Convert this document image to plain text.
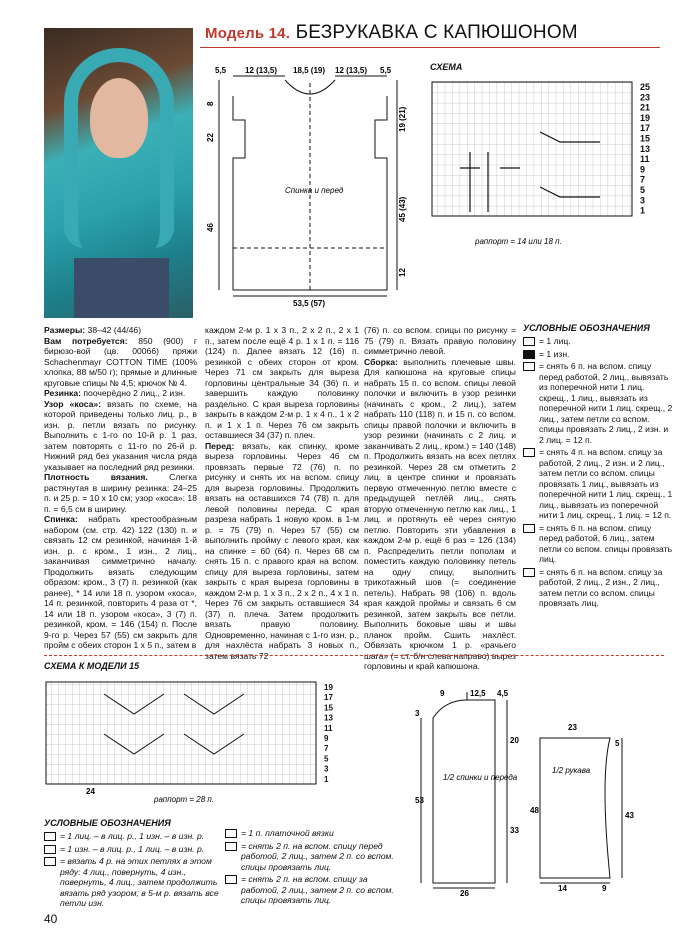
Модель 14. БЕЗРУКАВКА С КАПЮШОНОМ
5,5 12 (13,5) 18,5 (19) 12 (13,5) 5,5
Спинка и перед
8
22
46
19 (21)
45 (43)
12
53,5 (57)
СХЕМА
25
23
21
19
17
15
13
11
9
7
5
3
1
раппорт = 14 или 18 п.

Размеры: 38–42 (44/46)

Вам потребуется: 850 (900) г бирюзо-вой (цв. 00066) пряжи Schachenmayr COTTON TIME (100% хлопка, 88 м/50 г); прямые и длинные круговые спицы № 4,5; крючок № 4.

Резинка: поочерёдно 2 лиц., 2 изн.

Узор «коса»: вязать по схеме, на которой приведены только лиц. р., в изн. р. петли вязать по рисунку. Выполнить с 1-го по 10-й р. 1 раз, затем повторять с 11-го по 26-й р. Нижний ряд без указания числа ряда указывает на последний ряд резинки.

Плотность вязания. Слегка растянутая в ширину резинка: 24–25 п. и 25 р. = 10 х 10 см; узор «коса»: 18 п. = 6,5 см в ширину.

Спинка: набрать крестообразным набором (см. стр. 42) 122 (130) п. и связать 12 см резинкой, начиная 1-й изн. р. с кром., 1 изн., 2 лиц., заканчивая симметрично началу. Продолжить вязать следующим образом: кром., 3 (7) п. резинкой (как ранее), * 14 или 18 п. узором «коса», 14 п. резинкой, повторить 4 раза от *, 14 или 18 п. узором «коса», 3 (7) п. резинкой, кром. = 146 (154) п. После 9-го р. Через 57 (55) см закрыть для пройм с обеих сторон 1 х 5 п., затем в

каждом 2-м р. 1 х 3 п., 2 х 2 п., 2 х 1 п., затем после ещё 4 р. 1 х 1 п. = 116 (124) п. Далее вязать 12 (16) п. резинкой с обеих сторон от кром. Через 71 см закрыть для выреза горловины центральные 34 (36) п. и завершить каждую половинку раздельно. С края выреза горловины закрыть в каждом 2-м р. 1 х 4 п., 1 х 2 п. и 1 х 1 п. Через 76 см закрыть оставшиеся 34 (37) п. плеч.

Перед: вязать, как спинку, кроме выреза горловины. Через 46 см провязать первые 72 (76) п. по рисунку и снять их на вспом. спицу для выреза горловины. Продолжить вязать на оставшихся 74 (78) п. для левой половины переда. С края разреза набрать 1 новую кром. в 1-м р. = 75 (79) п. Через 57 (55) см выполнить пройму с левого края, как на спинке = 60 (64) п. Через 68 см снять 15 п. с правого края на вспом. спицу для выреза горловины, затем закрыть с края выреза горловины в каждом 2-м р. 1 х 3 п., 2 х 2 п., 4 х 1 п. Через 76 см закрыть оставшиеся 34 (37) п. плеча. Затем продолжить вязать правую половину. Одновременно, начиная с 1-го изн. р., для нахлёста набрать 3 новых п., затем вязать 72

(76) п. со вспом. спицы по рисунку = 75 (79) п. Вязать правую половину симметрично левой.

Сборка: выполнить плечевые швы. Для капюшона на круговые спицы набрать 15 п. со вспом. спицы левой полочки и включить в узор резинки (начинать с кром., 2 лиц.), затем набрать 110 (118) п. и 15 п. со вспом. спицы правой полочки и включить в узор резинки (начинать с 2 лиц. и заканчивать 2 лиц., кром.) = 140 (148) п. Продолжить вязать на всех петлях резинкой. Через 28 см отметить 2 лиц. в центре спинки и провязать первую отмеченную петлю вместе с предыдущей петлёй лиц., снять вторую отмеченную петлю как лиц., 1 лиц. и протянуть её через снятую петлю. Повторить эти убавления в каждом 2-м р. ещё 6 раз = 126 (134) п. Распределить петли пополам и поместить каждую половинку петель на одну спицу, выполнить трикотажный шов (= соединение петель). Набрать 98 (106) п. вдоль края каждой проймы и связать 6 см резинкой, затем закрыть все петли. Выполнить боковые швы и швы планок пройм. Сшить нахлёст. Обвязать крючком 1 р. «рачьего шага» (= ст. б/н слева направо) вырез горловины и край капюшона.

УСЛОВНЫЕ ОБОЗНАЧЕНИЯ
= 1 лиц.
= 1 изн.
= снять 6 п. на вспом. спицу перед работой, 2 лиц., вывязать из поперечной нити 1 лиц. скрещ., 1 лиц., вывязать из поперечной нити 1 лиц. скрещ., 2 лиц., затем петли со вспом. спицы провязать 2 лиц., 2 изн. и 2 лиц. = 12 п.
= снять 4 п. на вспом. спицу за работой, 2 лиц., 2 изн. и 2 лиц., затем петли со вспом. спицы провязать 1 лиц., вывязать из поперечной нити 1 лиц. скрещ., 1 лиц., вывязать из поперечной нити 1 лиц. скрещ., 1 лиц. = 12 п.
= снять 6 п. на вспом. спицу перед работой, 6 лиц., затем петли со вспом. спицы провязать лиц.
= снять 6 п. на вспом. спицу за работой, 2 лиц., 2 изн., 2 лиц., затем петли со вспом. спицы провязать лиц.
СХЕМА К МОДЕЛИ 15
19
17
15
13
11
9
7
5
3
1
24
раппорт = 28 п.
УСЛОВНЫЕ ОБОЗНАЧЕНИЯ
= 1 лиц. – в лиц. р., 1 изн. – в изн. р.
= 1 изн. – в лиц. р., 1 лиц. – в изн. р.
= вязать 4 р. на этих петлях в этом ряду: 4 лиц., повернуть, 4 изн., повернуть, 4 лиц., затем продолжить вязать ряд узором; в 5-м р. вязать все петли изн.
= 1 п. платочной вязки
= снять 2 п. на вспом. спицу перед работой, 2 лиц., затем 2 п. со вспом. спицы провязать лиц.
= снять 2 п. на вспом. спицу за работой, 2 лиц., затем 2 п. со вспом. спицы провязать лиц.
9	12,5 4,5
3
53
20
33
1/2 спинки и переда
26
23
48
5
43
1/2 рукава
14	9
40
